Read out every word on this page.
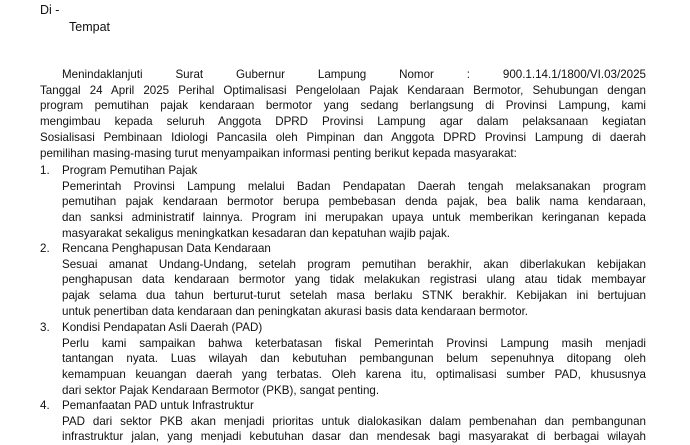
Di -
Tempat
Menindaklanjuti Surat Gubernur Lampung Nomor : 900.1.14.1/1800/VI.03/2025
Tanggal 24 April 2025 Perihal Optimalisasi Pengelolaan Pajak Kendaraan Bermotor, Sehubungan dengan
program pemutihan pajak kendaraan bermotor yang sedang berlangsung di Provinsi Lampung, kami
mengimbau kepada seluruh Anggota DPRD Provinsi Lampung agar dalam pelaksanaan kegiatan
Sosialisasi Pembinaan Idiologi Pancasila oleh Pimpinan dan Anggota DPRD Provinsi Lampung di daerah
pemilihan masing-masing turut menyampaikan informasi penting berikut kepada masyarakat:
1. Program Pemutihan Pajak
Pemerintah Provinsi Lampung melalui Badan Pendapatan Daerah tengah melaksanakan program
pemutihan pajak kendaraan bermotor berupa pembebasan denda pajak, bea balik nama kendaraan,
dan sanksi administratif lainnya. Program ini merupakan upaya untuk memberikan keringanan kepada
masyarakat sekaligus meningkatkan kesadaran dan kepatuhan wajib pajak.
2. Rencana Penghapusan Data Kendaraan
Sesuai amanat Undang-Undang, setelah program pemutihan berakhir, akan diberlakukan kebijakan
penghapusan data kendaraan bermotor yang tidak melakukan registrasi ulang atau tidak membayar
pajak selama dua tahun berturut-turut setelah masa berlaku STNK berakhir. Kebijakan ini bertujuan
untuk penertiban data kendaraan dan peningkatan akurasi basis data kendaraan bermotor.
3. Kondisi Pendapatan Asli Daerah (PAD)
Perlu kami sampaikan bahwa keterbatasan fiskal Pemerintah Provinsi Lampung masih menjadi
tantangan nyata. Luas wilayah dan kebutuhan pembangunan belum sepenuhnya ditopang oleh
kemampuan keuangan daerah yang terbatas. Oleh karena itu, optimalisasi sumber PAD, khususnya
dari sektor Pajak Kendaraan Bermotor (PKB), sangat penting.
4. Pemanfaatan PAD untuk Infrastruktur
PAD dari sektor PKB akan menjadi prioritas untuk dialokasikan dalam pembenahan dan pembangunan
infrastruktur jalan, yang menjadi kebutuhan dasar dan mendesak bagi masyarakat di berbagai wilayah
